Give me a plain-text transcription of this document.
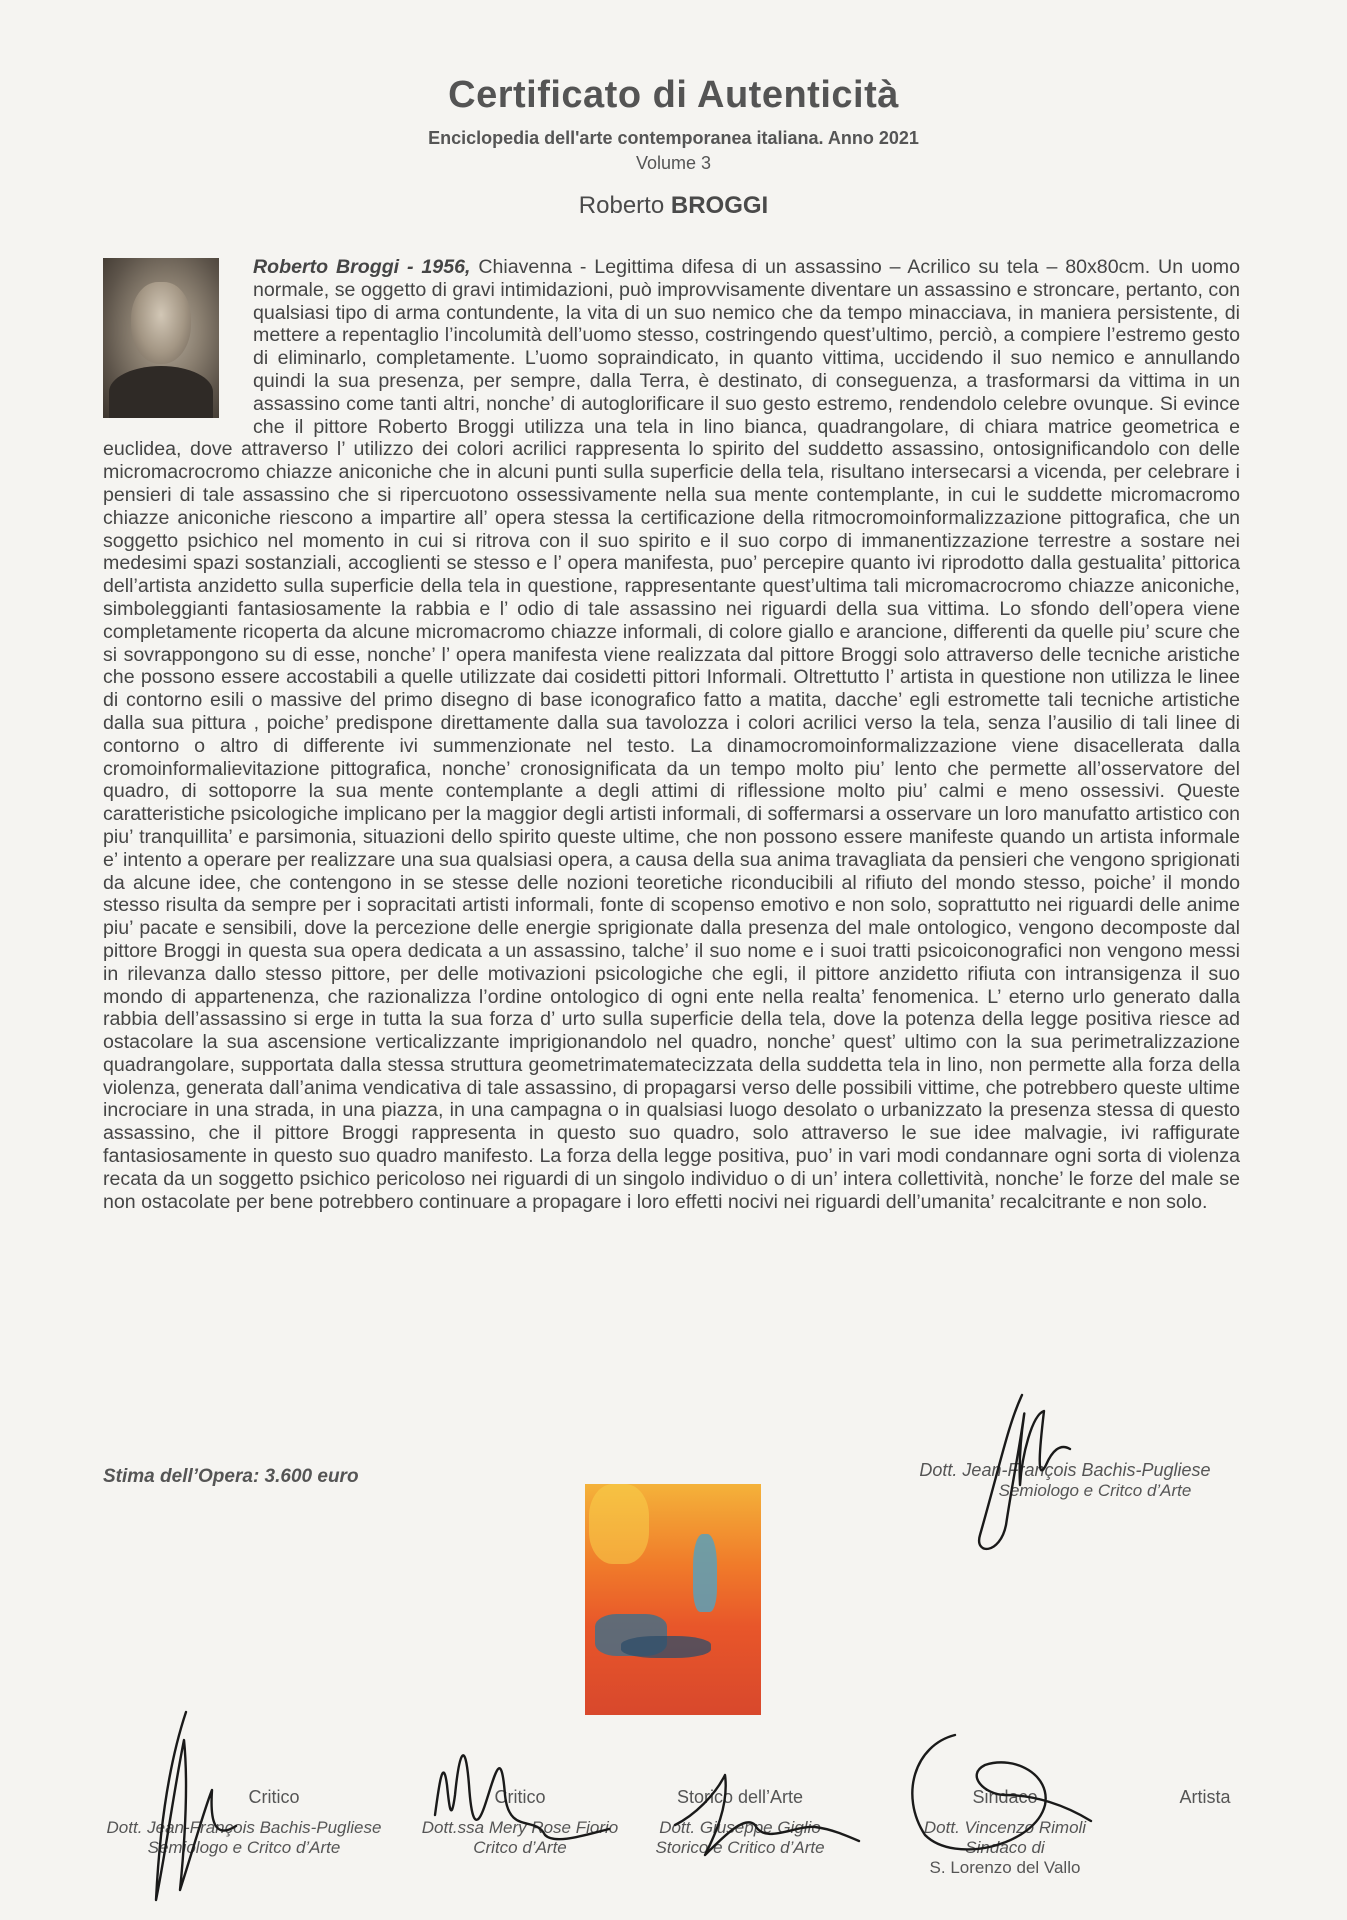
Certificato di Autenticità
Enciclopedia dell'arte contemporanea italiana. Anno 2021
Volume 3
Roberto BROGGI
Roberto Broggi - 1956, Chiavenna - Legittima difesa di un assassino – Acrilico su tela – 80x80cm. Un uomo normale, se oggetto di gravi intimidazioni, può improvvisamente diventare un assassino e stroncare, pertanto, con qualsiasi tipo di arma contundente, la vita di un suo nemico che da tempo minacciava, in maniera persistente, di mettere a repentaglio l’incolumità dell’uomo stesso, costringendo quest’ultimo, perciò, a compiere l’estremo gesto di eliminarlo, completamente. L’uomo sopraindicato, in quanto vittima, uccidendo il suo nemico e annullando quindi la sua presenza, per sempre, dalla Terra, è destinato, di conseguenza, a trasformarsi da vittima in un assassino come tanti altri, nonche’ di autoglorificare il suo gesto estremo, rendendolo celebre ovunque. Si evince che il pittore Roberto Broggi utilizza una tela in lino bianca, quadrangolare, di chiara matrice geometrica e euclidea, dove attraverso l’ utilizzo dei colori acrilici rappresenta lo spirito del suddetto assassino, ontosignificandolo con delle micromacrocromo chiazze aniconiche che in alcuni punti sulla superficie della tela, risultano intersecarsi a vicenda, per celebrare i pensieri di tale assassino che si ripercuotono ossessivamente nella sua mente contemplante, in cui le suddette micromacromo chiazze aniconiche riescono a impartire all’ opera stessa la certificazione della ritmocromoinformalizzazione pittografica, che un soggetto psichico nel momento in cui si ritrova con il suo spirito e il suo corpo di immanentizzazione terrestre a sostare nei medesimi spazi sostanziali, accoglienti se stesso e l’ opera manifesta, puo’ percepire quanto ivi riprodotto dalla gestualita’ pittorica dell’artista anzidetto sulla superficie della tela in questione, rappresentante quest’ultima tali micromacrocromo chiazze aniconiche, simboleggianti fantasiosamente la rabbia e l’ odio di tale assassino nei riguardi della sua vittima. Lo sfondo dell’opera viene completamente ricoperta da alcune micromacromo chiazze informali, di colore giallo e arancione, differenti da quelle piu’ scure che si sovrappongono su di esse, nonche’ l’ opera manifesta viene realizzata dal pittore Broggi solo attraverso delle tecniche aristiche che possono essere accostabili a quelle utilizzate dai cosidetti pittori Informali. Oltrettutto l’ artista in questione non utilizza le linee di contorno esili o massive del primo disegno di base iconografico fatto a matita, dacche’ egli estromette tali tecniche artistiche dalla sua pittura , poiche’ predispone direttamente dalla sua tavolozza i colori acrilici verso la tela, senza l’ausilio di tali linee di contorno o altro di differente ivi summenzionate nel testo. La dinamocromoinformalizzazione viene disacellerata dalla cromoinformalievitazione pittografica, nonche’ cronosignificata da un tempo molto piu’ lento che permette all’osservatore del quadro, di sottoporre la sua mente contemplante a degli attimi di riflessione molto piu’ calmi e meno ossessivi. Queste caratteristiche psicologiche implicano per la maggior degli artisti informali, di soffermarsi a osservare un loro manufatto artistico con piu’ tranquillita’ e parsimonia, situazioni dello spirito queste ultime, che non possono essere manifeste quando un artista informale e’ intento a operare per realizzare una sua qualsiasi opera, a causa della sua anima travagliata da pensieri che vengono sprigionati da alcune idee, che contengono in se stesse delle nozioni teoretiche riconducibili al rifiuto del mondo stesso, poiche’ il mondo stesso risulta da sempre per i sopracitati artisti informali, fonte di scopenso emotivo e non solo, soprattutto nei riguardi delle anime piu’ pacate e sensibili, dove la percezione delle energie sprigionate dalla presenza del male ontologico, vengono decomposte dal pittore Broggi in questa sua opera dedicata a un assassino, talche’ il suo nome e i suoi tratti psicoiconografici non vengono messi in rilevanza dallo stesso pittore, per delle motivazioni psicologiche che egli, il pittore anzidetto rifiuta con intransigenza il suo mondo di appartenenza, che razionalizza l’ordine ontologico di ogni ente nella realta’ fenomenica. L’ eterno urlo generato dalla rabbia dell’assassino si erge in tutta la sua forza d’ urto sulla superficie della tela, dove la potenza della legge positiva riesce ad ostacolare la sua ascensione verticalizzante imprigionandolo nel quadro, nonche’ quest’ ultimo con la sua perimetralizzazione quadrangolare, supportata dalla stessa struttura geometrimatematecizzata della suddetta tela in lino, non permette alla forza della violenza, generata dall’anima vendicativa di tale assassino, di propagarsi verso delle possibili vittime, che potrebbero queste ultime incrociare in una strada, in una piazza, in una campagna o in qualsiasi luogo desolato o urbanizzato la presenza stessa di questo assassino, che il pittore Broggi rappresenta in questo suo quadro, solo attraverso le sue idee malvagie, ivi raffigurate fantasiosamente in questo suo quadro manifesto. La forza della legge positiva, puo’ in vari modi condannare ogni sorta di violenza recata da un soggetto psichico pericoloso nei riguardi di un singolo individuo o di un’ intera collettività, nonche’ le forze del male se non ostacolate per bene potrebbero continuare a propagare i loro effetti nocivi nei riguardi dell’umanita’ recalcitrante e non solo.
Stima dell’Opera: 3.600 euro	Dott. Jean-François Bachis-Pugliese
Semiologo e Critco d’Arte
Critico
Dott. Jean-François Bachis-Pugliese
Semiologo e Critco d’Arte
Critico
Dott.ssa Mery Rose Fiorio
Critco d’Arte
Storico dell’Arte
Dott. Giuseppe Giglio
Storico e Critico d’Arte
Sindaco
Dott. Vincenzo Rimoli
Sindaco di
S. Lorenzo del Vallo
Artista
